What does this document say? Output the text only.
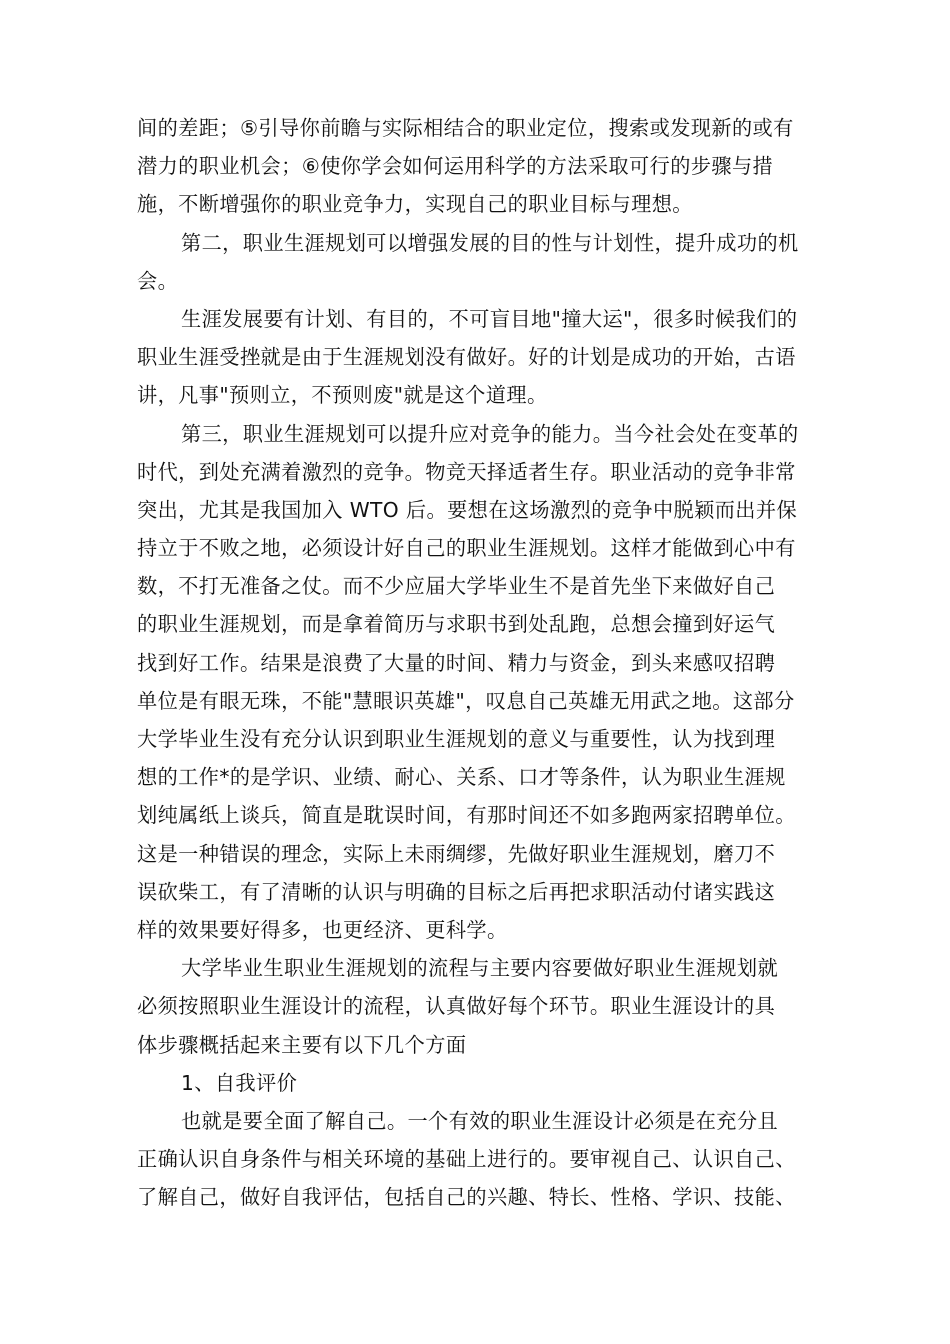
间的差距；⑤引导你前瞻与实际相结合的职业定位，搜索或发现新的或有
潜力的职业机会；⑥使你学会如何运用科学的方法采取可行的步骤与措
施，不断增强你的职业竞争力，实现自己的职业目标与理想。
第二，职业生涯规划可以增强发展的目的性与计划性，提升成功的机
会。
生涯发展要有计划、有目的，不可盲目地"撞大运"，很多时候我们的
职业生涯受挫就是由于生涯规划没有做好。好的计划是成功的开始，古语
讲，凡事"预则立，不预则废"就是这个道理。
第三，职业生涯规划可以提升应对竞争的能力。当今社会处在变革的
时代，到处充满着激烈的竞争。物竞天择适者生存。职业活动的竞争非常
突出，尤其是我国加入 WTO 后。要想在这场激烈的竞争中脱颖而出并保
持立于不败之地，必须设计好自己的职业生涯规划。这样才能做到心中有
数，不打无准备之仗。而不少应届大学毕业生不是首先坐下来做好自己
的职业生涯规划，而是拿着简历与求职书到处乱跑，总想会撞到好运气
找到好工作。结果是浪费了大量的时间、精力与资金，到头来感叹招聘
单位是有眼无珠，不能"慧眼识英雄"，叹息自己英雄无用武之地。这部分
大学毕业生没有充分认识到职业生涯规划的意义与重要性，认为找到理
想的工作*的是学识、业绩、耐心、关系、口才等条件，认为职业生涯规
划纯属纸上谈兵，简直是耽误时间，有那时间还不如多跑两家招聘单位。
这是一种错误的理念，实际上未雨绸缪，先做好职业生涯规划，磨刀不
误砍柴工，有了清晰的认识与明确的目标之后再把求职活动付诸实践这
样的效果要好得多，也更经济、更科学。
大学毕业生职业生涯规划的流程与主要内容要做好职业生涯规划就
必须按照职业生涯设计的流程，认真做好每个环节。职业生涯设计的具
体步骤概括起来主要有以下几个方面
1、自我评价
也就是要全面了解自己。一个有效的职业生涯设计必须是在充分且
正确认识自身条件与相关环境的基础上进行的。要审视自己、认识自己、
了解自己，做好自我评估，包括自己的兴趣、特长、性格、学识、技能、
